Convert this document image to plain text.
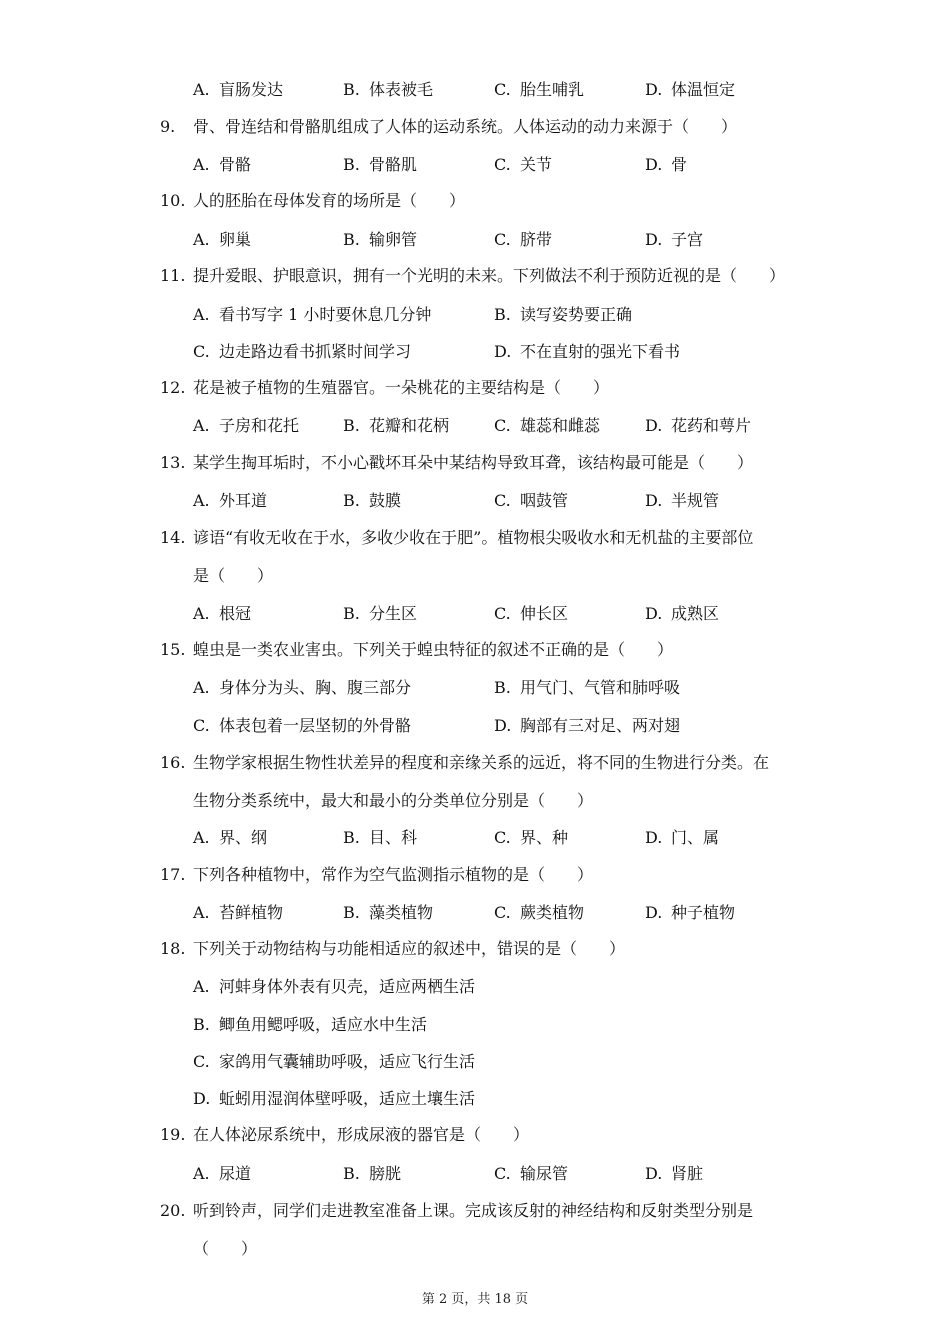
A. 盲肠发达	B. 体表被毛	C. 胎生哺乳	D. 体温恒定
9. 骨、骨连结和骨骼肌组成了人体的运动系统。人体运动的动力来源于（　　）
A. 骨骼	B. 骨骼肌	C. 关节	D. 骨
10. 人的胚胎在母体发育的场所是（　　）
A. 卵巢	B. 输卵管	C. 脐带	D. 子宫
11. 提升爱眼、护眼意识，拥有一个光明的未来。下列做法不利于预防近视的是（　　）
A. 看书写字 1 小时要休息几分钟	B. 读写姿势要正确
C. 边走路边看书抓紧时间学习	D. 不在直射的强光下看书
12. 花是被子植物的生殖器官。一朵桃花的主要结构是（　　）
A. 子房和花托	B. 花瓣和花柄	C. 雄蕊和雌蕊	D. 花药和萼片
13. 某学生掏耳垢时，不小心戳坏耳朵中某结构导致耳聋，该结构最可能是（　　）
A. 外耳道	B. 鼓膜	C. 咽鼓管	D. 半规管
14. 谚语“有收无收在于水，多收少收在于肥”。植物根尖吸收水和无机盐的主要部位
是（　　）
A. 根冠	B. 分生区	C. 伸长区	D. 成熟区
15. 蝗虫是一类农业害虫。下列关于蝗虫特征的叙述不正确的是（　　）
A. 身体分为头、胸、腹三部分	B. 用气门、气管和肺呼吸
C. 体表包着一层坚韧的外骨骼	D. 胸部有三对足、两对翅
16. 生物学家根据生物性状差异的程度和亲缘关系的远近，将不同的生物进行分类。在
生物分类系统中，最大和最小的分类单位分别是（　　）
A. 界、纲	B. 目、科	C. 界、种	D. 门、属
17. 下列各种植物中，常作为空气监测指示植物的是（　　）
A. 苔鲜植物	B. 藻类植物	C. 蕨类植物	D. 种子植物
18. 下列关于动物结构与功能相适应的叙述中，错误的是（　　）
A. 河蚌身体外表有贝壳，适应两栖生活
B. 鲫鱼用鳃呼吸，适应水中生活
C. 家鸽用气囊辅助呼吸，适应飞行生活
D. 蚯蚓用湿润体壁呼吸，适应土壤生活
19. 在人体泌尿系统中，形成尿液的器官是（　　）
A. 尿道	B. 膀胱	C. 输尿管	D. 肾脏
20. 听到铃声，同学们走进教室准备上课。完成该反射的神经结构和反射类型分别是
（　　）
第 2 页，共 18 页
